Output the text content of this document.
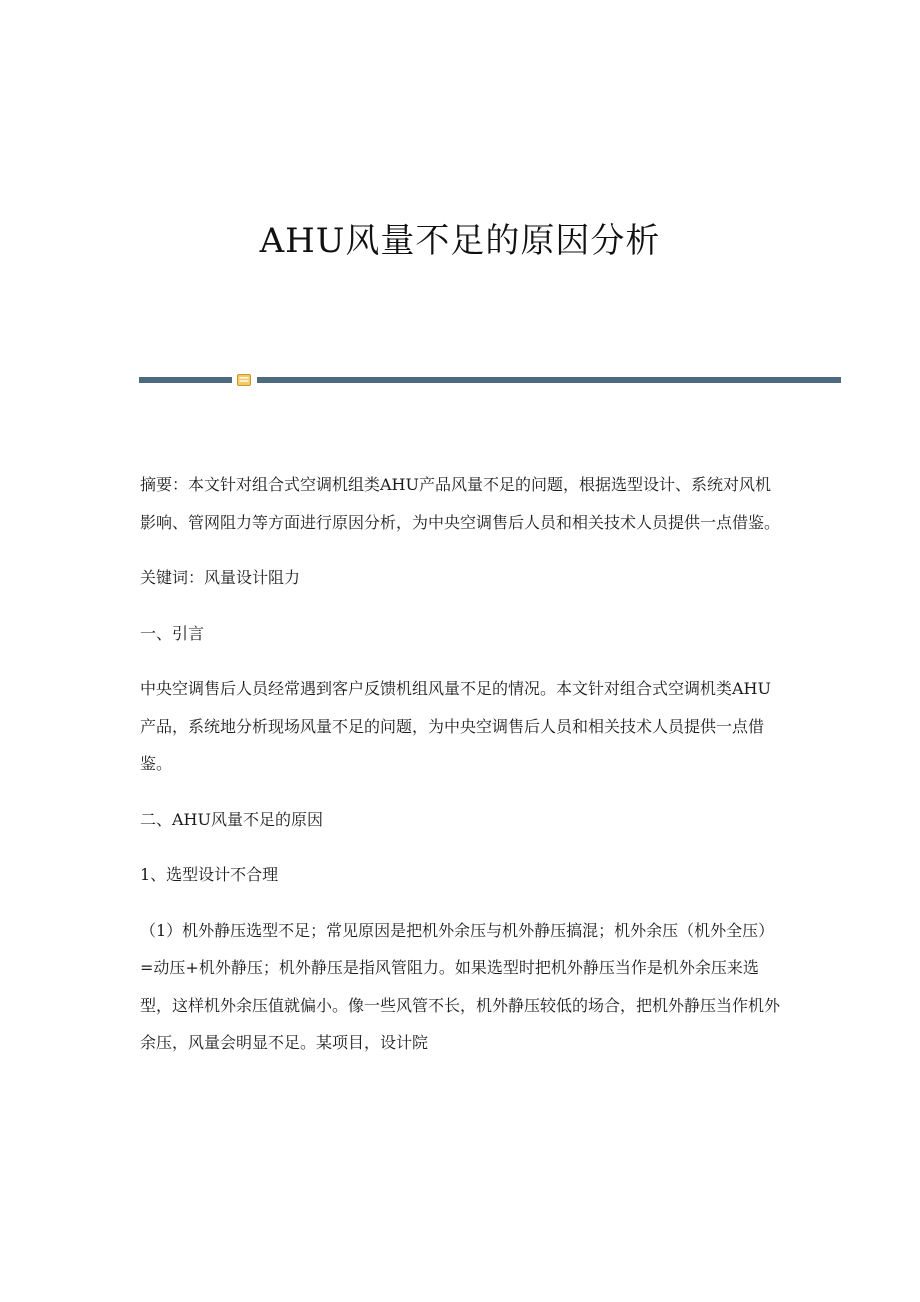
AHU风量不足的原因分析

摘要：本文针对组合式空调机组类AHU产品风量不足的问题，根据选型设计、系统对风机影响、管网阻力等方面进行原因分析，为中央空调售后人员和相关技术人员提供一点借鉴。

关键词：风量设计阻力

一、引言

中央空调售后人员经常遇到客户反馈机组风量不足的情况。本文针对组合式空调机类AHU产品，系统地分析现场风量不足的问题，为中央空调售后人员和相关技术人员提供一点借鉴。

二、AHU风量不足的原因

1、选型设计不合理

（1）机外静压选型不足；常见原因是把机外余压与机外静压搞混；机外余压（机外全压）=动压+机外静压；机外静压是指风管阻力。如果选型时把机外静压当作是机外余压来选型，这样机外余压值就偏小。像一些风管不长，机外静压较低的场合，把机外静压当作机外余压，风量会明显不足。某项目，设计院
